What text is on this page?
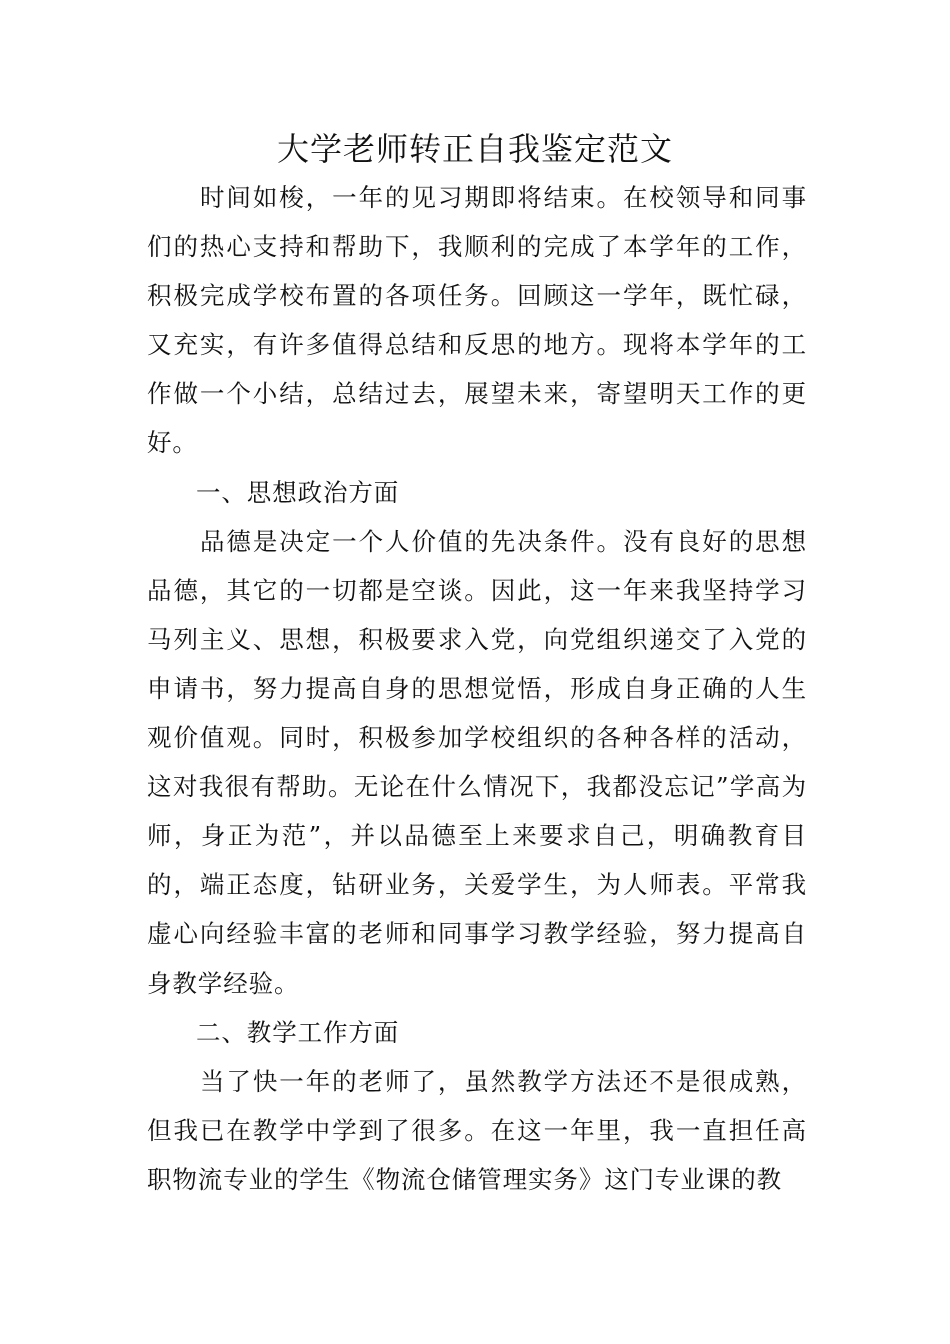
大学老师转正自我鉴定范文

时间如梭，一年的见习期即将结束。在校领导和同事们的热心支持和帮助下，我顺利的完成了本学年的工作，积极完成学校布置的各项任务。回顾这一学年，既忙碌，又充实，有许多值得总结和反思的地方。现将本学年的工作做一个小结，总结过去，展望未来，寄望明天工作的更好。

一、思想政治方面

品德是决定一个人价值的先决条件。没有良好的思想品德，其它的一切都是空谈。因此，这一年来我坚持学习马列主义、思想，积极要求入党，向党组织递交了入党的申请书，努力提高自身的思想觉悟，形成自身正确的人生观价值观。同时，积极参加学校组织的各种各样的活动，这对我很有帮助。无论在什么情况下，我都没忘记”学高为师，身正为范”，并以品德至上来要求自己，明确教育目的，端正态度，钻研业务，关爱学生，为人师表。平常我虚心向经验丰富的老师和同事学习教学经验，努力提高自身教学经验。

二、教学工作方面

当了快一年的老师了，虽然教学方法还不是很成熟，但我已在教学中学到了很多。在这一年里，我一直担任高职物流专业的学生《物流仓储管理实务》这门专业课的教
